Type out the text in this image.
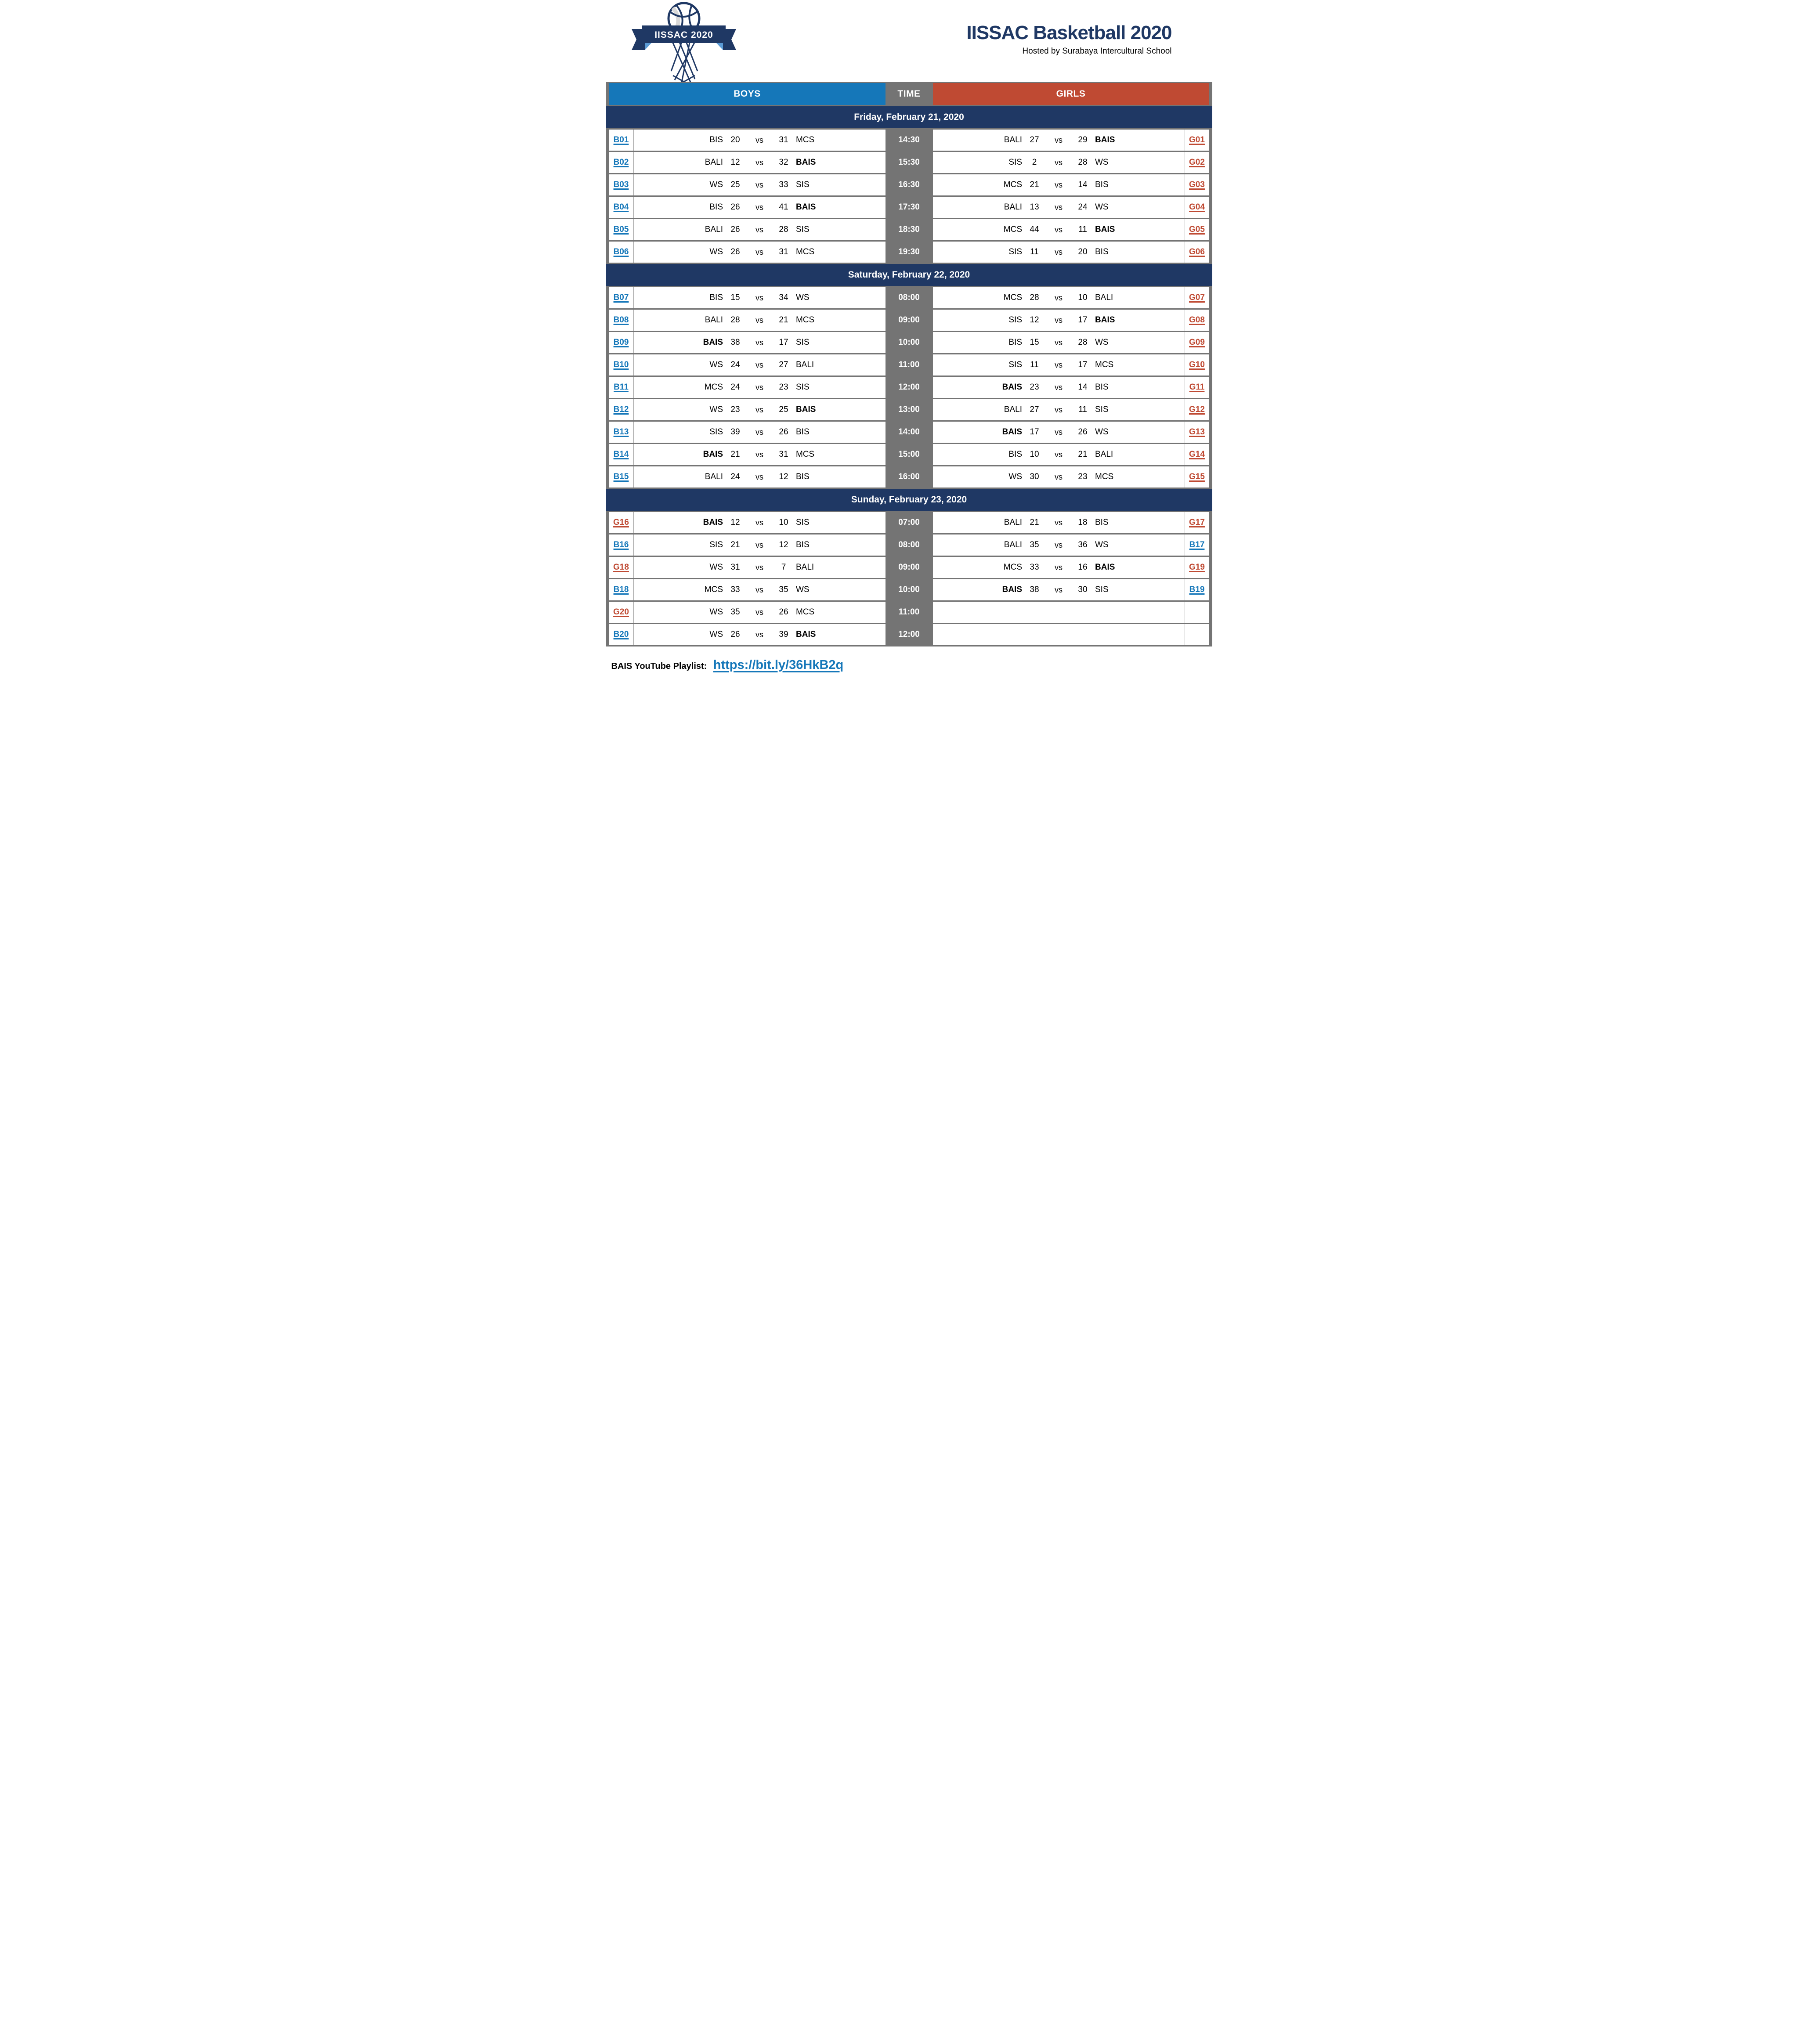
IISSAC 2020	IISSAC Basketball 2020
Hosted by Surabaya Intercultural School
BOYS	TIME	GIRLS
Friday, February 21, 2020
B01	BIS 20	vs	31 MCS	14:30	BALI 27	vs	29 BAIS	G01
B02	BALI 12	vs	32 BAIS	15:30	SIS	2	vs	28 WS	G02
B03	WS 25	vs	33 SIS	16:30	MCS 21	vs	14 BIS	G03
B04	BIS 26	vs	41 BAIS	17:30	BALI 13	vs	24 WS	G04
B05	BALI 26	vs	28 SIS	18:30	MCS 44	vs	11 BAIS	G05
B06	WS 26	vs	31 MCS	19:30	SIS 11	vs	20 BIS	G06
Saturday, February 22, 2020
B07	BIS 15	vs	34 WS	08:00	MCS 28	vs	10 BALI	G07
B08	BALI 28	vs	21 MCS	09:00	SIS 12	vs	17 BAIS	G08
B09	BAIS 38	vs	17 SIS	10:00	BIS 15	vs	28 WS	G09
B10	WS 24	vs	27 BALI	11:00	SIS 11	vs	17 MCS	G10
B11	MCS 24	vs	23 SIS	12:00	BAIS 23	vs	14 BIS	G11
B12	WS 23	vs	25 BAIS	13:00	BALI 27	vs	11 SIS	G12
B13	SIS 39	vs	26 BIS	14:00	BAIS 17	vs	26 WS	G13
B14	BAIS 21	vs	31 MCS	15:00	BIS 10	vs	21 BALI	G14
B15	BALI 24	vs	12 BIS	16:00	WS 30	vs	23 MCS	G15
Sunday, February 23, 2020
G16	BAIS 12	vs	10 SIS	07:00	BALI 21	vs	18 BIS	G17
B16	SIS 21	vs	12 BIS	08:00	BALI 35	vs	36 WS	B17
G18	WS 31	vs	7	BALI	09:00	MCS 33	vs	16 BAIS	G19
B18	MCS 33	vs	35 WS	10:00	BAIS 38	vs	30 SIS	B19
G20	WS 35	vs	26 MCS	11:00
B20	WS 26	vs	39 BAIS	12:00
BAIS YouTube Playlist: https://bit.ly/36HkB2q
